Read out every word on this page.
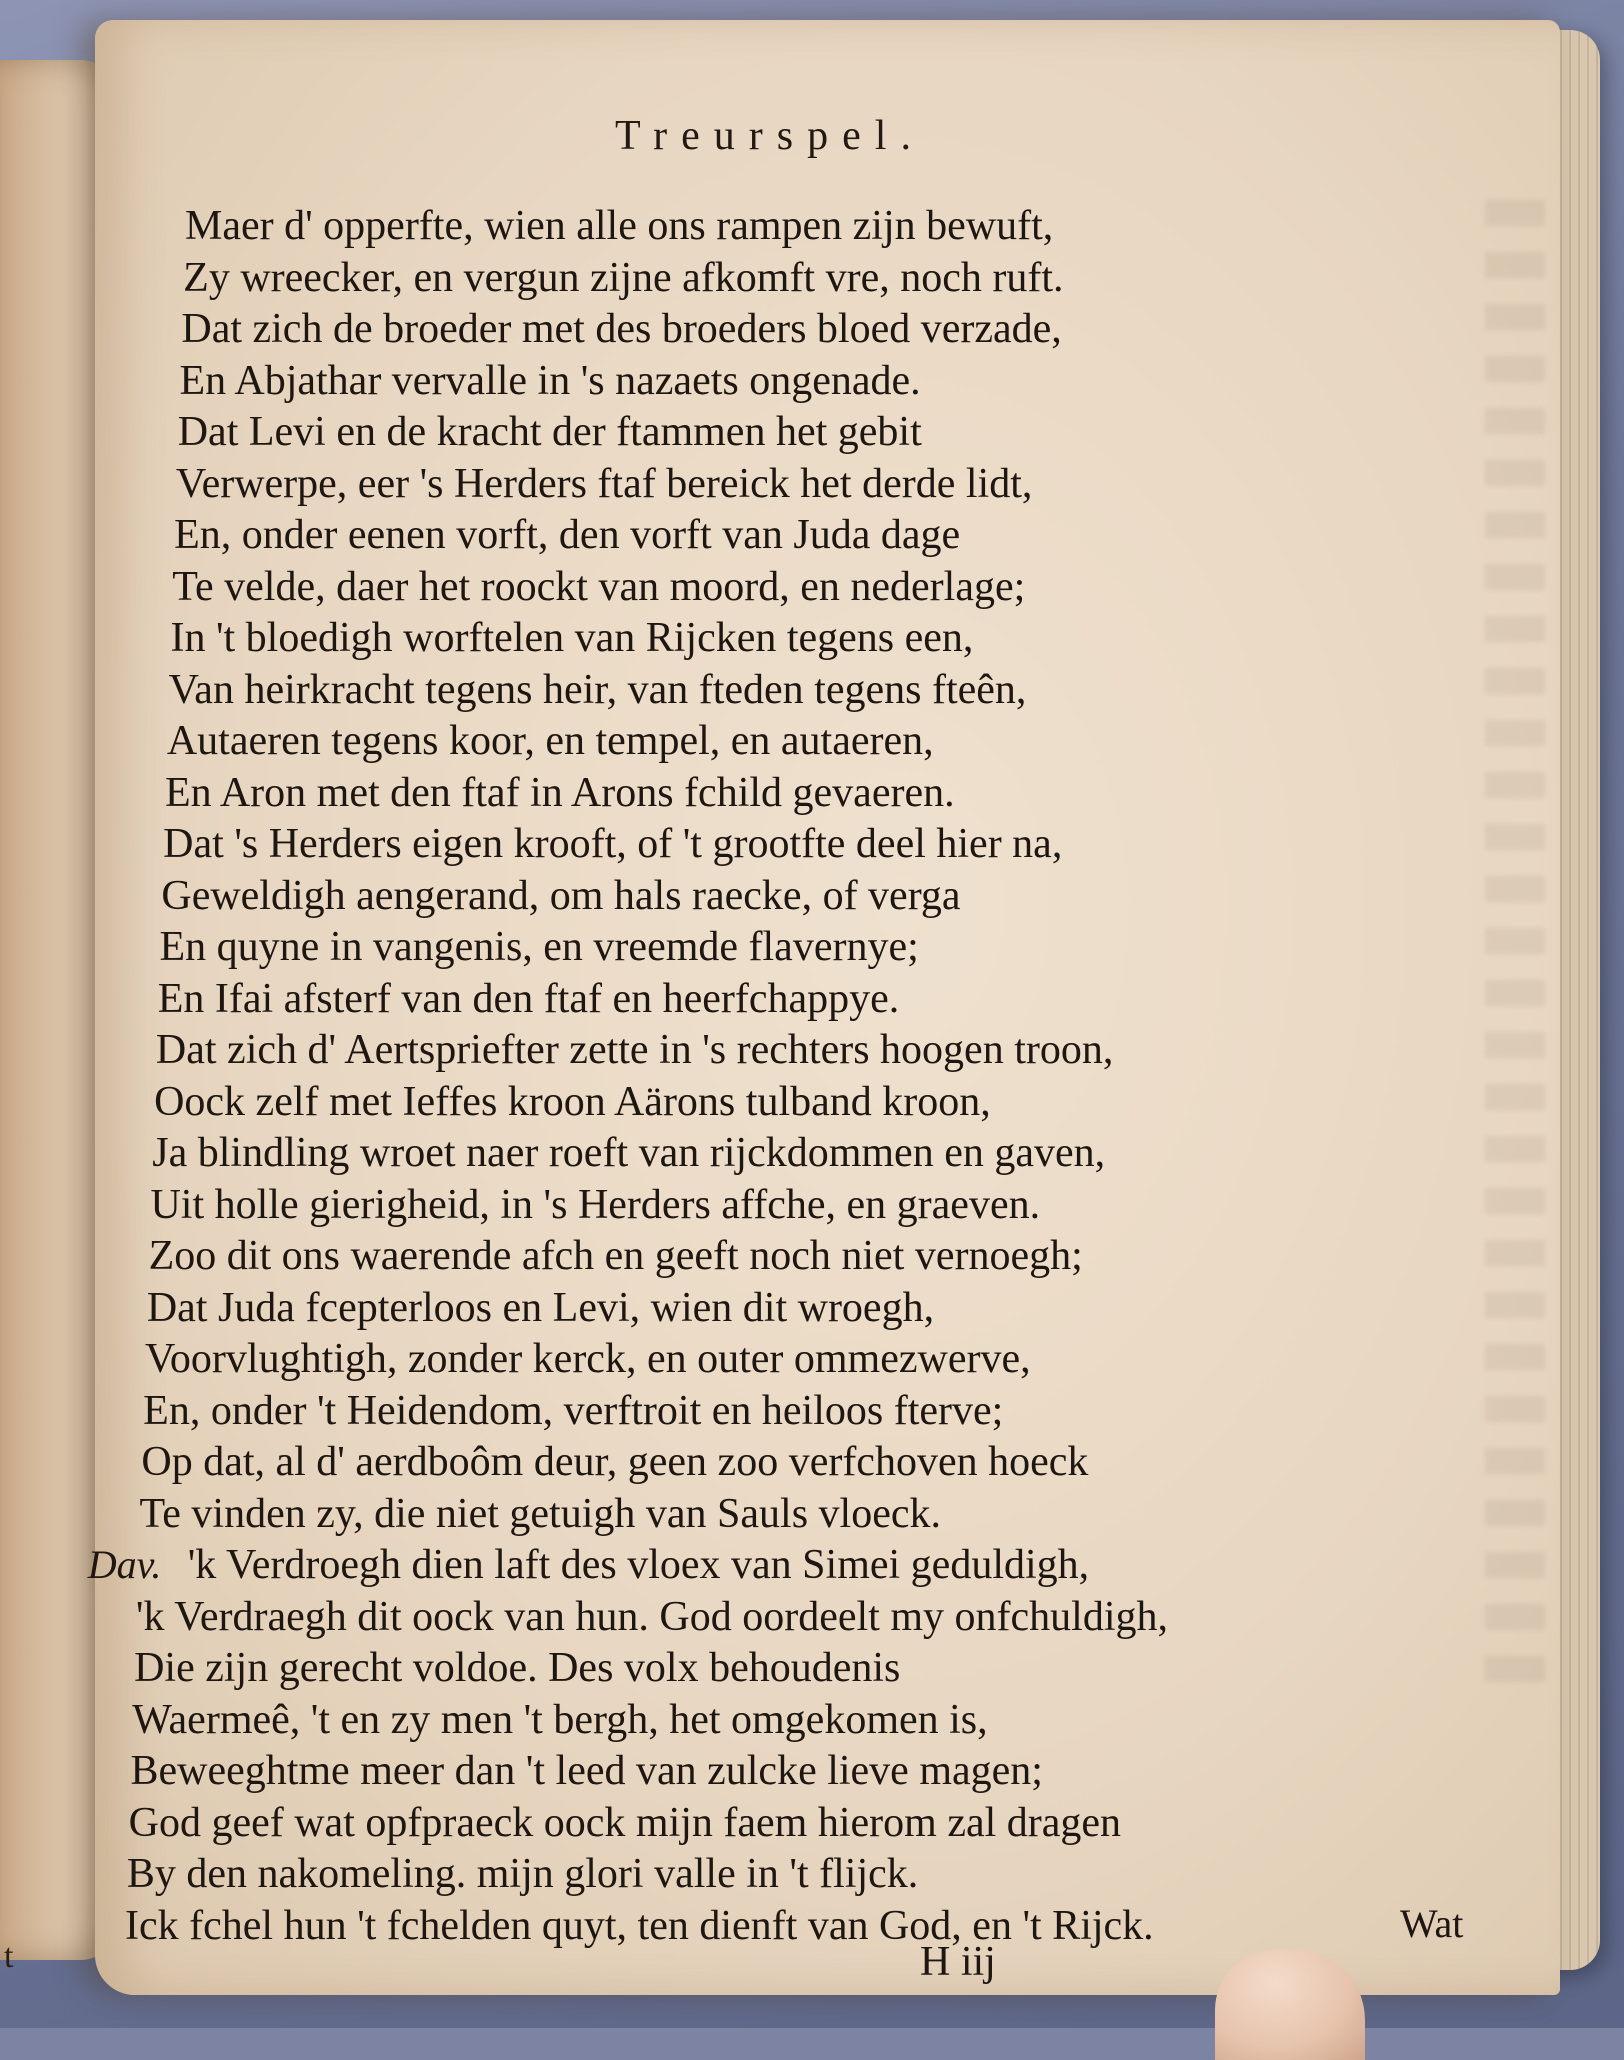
t
Treurspel.
Maer d' opperfte, wien alle ons rampen zijn bewuft,
Zy wreecker, en vergun zijne afkomft vre, noch ruft.
Dat zich de broeder met des broeders bloed verzade,
En Abjathar vervalle in 's nazaets ongenade.
Dat Levi en de kracht der ftammen het gebit
Verwerpe, eer 's Herders ftaf bereick het derde lidt,
En, onder eenen vorft, den vorft van Juda dage
Te velde, daer het roockt van moord, en nederlage;
In 't bloedigh worftelen van Rijcken tegens een,
Van heirkracht tegens heir, van fteden tegens fteên,
Autaeren tegens koor, en tempel, en autaeren,
En Aron met den ftaf in Arons fchild gevaeren.
Dat 's Herders eigen krooft, of 't grootfte deel hier na,
Geweldigh aengerand, om hals raecke, of verga
En quyne in vangenis, en vreemde flavernye;
En Ifai afsterf van den ftaf en heerfchappye.
Dat zich d' Aertspriefter zette in 's rechters hoogen troon,
Oock zelf met Ieffes kroon Aärons tulband kroon,
Ja blindling wroet naer roeft van rijckdommen en gaven,
Uit holle gierigheid, in 's Herders affche, en graeven.
Zoo dit ons waerende afch en geeft noch niet vernoegh;
Dat Juda fcepterloos en Levi, wien dit wroegh,
Voorvlughtigh, zonder kerck, en outer ommezwerve,
En, onder 't Heidendom, verftroit en heiloos fterve;
Op dat, al d' aerdboôm deur, geen zoo verfchoven hoeck
Te vinden zy, die niet getuigh van Sauls vloeck.
Dav. 'k Verdroegh dien laft des vloex van Simei geduldigh,
'k Verdraegh dit oock van hun. God oordeelt my onfchuldigh,
Die zijn gerecht voldoe. Des volx behoudenis
Waermeê, 't en zy men 't bergh, het omgekomen is,
Beweeghtme meer dan 't leed van zulcke lieve magen;
God geef wat opfpraeck oock mijn faem hierom zal dragen
By den nakomeling. mijn glori valle in 't flijck.
Ick fchel hun 't fchelden quyt, ten dienft van God, en 't Rijck.	Wat
H iij
